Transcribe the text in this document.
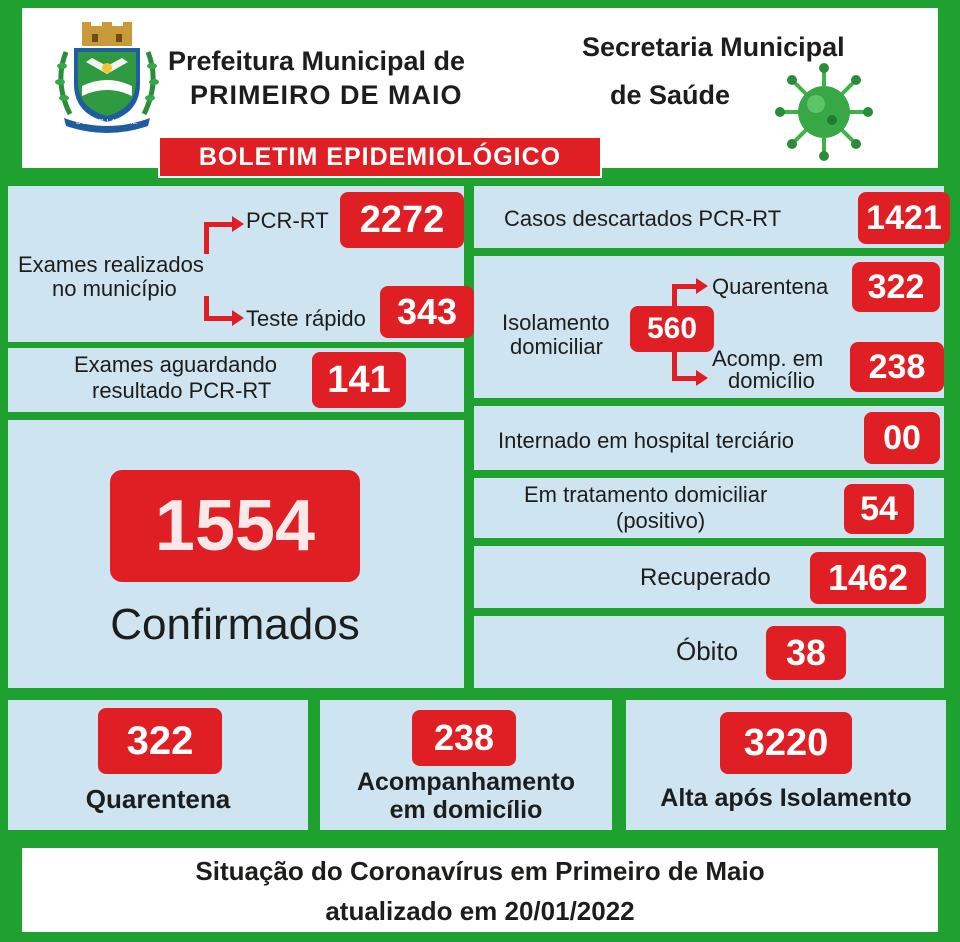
DUCOR LABORE
Prefeitura Municipal de
PRIMEIRO DE MAIO
Secretaria Municipal
de Saúde
BOLETIM EPIDEMIOLÓGICO
Exames realizados
no município
PCR-RT 2272
Teste rápido 343
Exames aguardando
resultado PCR-RT	141
1554
Confirmados
Casos descartados PCR-RT	1421
Isolamento
domiciliar
560
Quarentena	322
Acomp. em
domicílio	238
Internado em hospital terciário	00
Em tratamento domiciliar
(positivo)	54
Recuperado	1462
Óbito	38
322
Quarentena
238
Acompanhamento
em domicílio
3220
Alta após Isolamento
Situação do Coronavírus em Primeiro de Maio
atualizado em 20/01/2022
